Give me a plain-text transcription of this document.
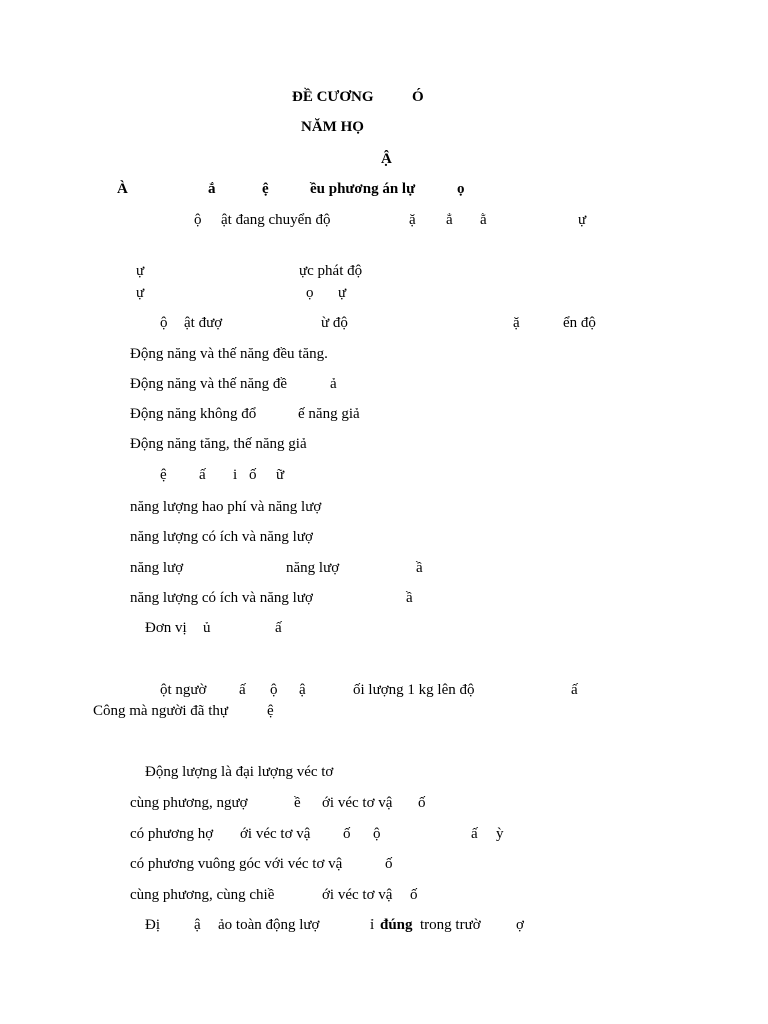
ĐỀ CƯƠNG	Ó
NĂM HỌ
Ậ
À	ắ	ệ	ều phương án lự	ọ
ộ ật đang chuyển độ	ặ ẳ ằ	ự
ự	ực phát độ
ự	ọ ự
ộ ật đượ	ừ độ	ặ	ển độ
Động năng và thế năng đều tăng.
Động năng và thế năng đề	ả
Động năng không đổ	ế năng giả
Động năng tăng, thế năng giả
ệ ấ i ố ữ
năng lượng hao phí và năng lượ
năng lượng có ích và năng lượ
năng lượ	năng lượ	ầ
năng lượng có ích và năng lượ	ầ
Đơn vị ủ	ấ
ột ngườ ấ ộ ậ	ối lượng 1 kg lên độ	ấ
Công mà người đã thự	ệ
Động lượng là đại lượng véc tơ
cùng phương, ngượ	ề ới véc tơ vậ ố
có phương hợ ới véc tơ vậ ố ộ	ấ ỳ
có phương vuông góc với véc tơ vậ	ố
cùng phương, cùng chiề	ới véc tơ vậ ố
Đị ậ ảo toàn động lượ	ỉ đúng trong trườ ợ
